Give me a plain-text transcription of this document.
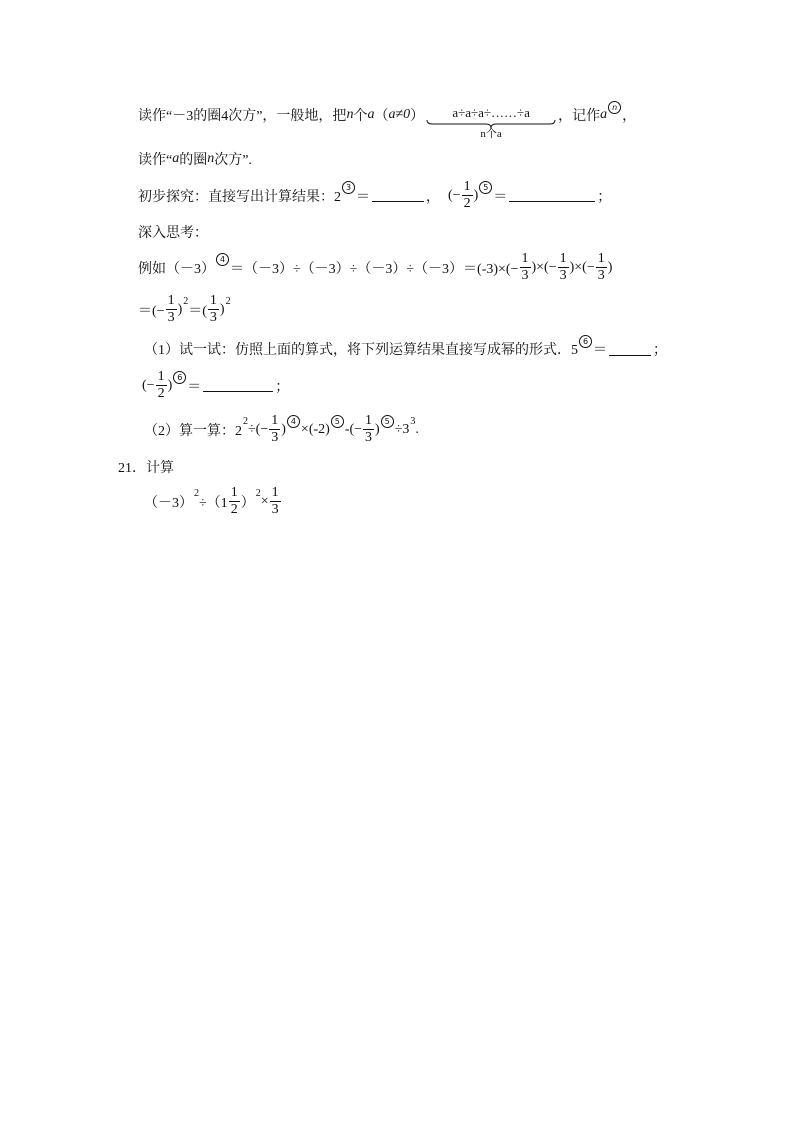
读作“－3的圈4次方”，一般地，把 n 个 a （ a≠0 ） a÷a÷a÷……÷a
n个a
，记作 a n
，
读作“ a 的圈 n 次方”.
初步探究：直接写出计算结果：2
3
＝	， (− $\frac{1}{2}$ ) 5
＝	；
深入思考：
例如（－3）
4
$=(-3)\div(-3)\div(-3)\div(-3)=(-3)\times(- \frac{1}{3}$ )×(− $\frac{1}{3}$ )×(− $\frac{1}{3}$ )
＝(− $\frac{1}{3}$ ) 2
＝( $\frac{1}{3}$ ) 2
（1）试一试：仿照上面的算式，将下列运算结果直接写成幂的形式．5
6
＝	；
(− $\frac{1}{2}$ ) 6
＝	；
（2）算一算：2
2 ÷(− $\frac{1}{3}$ ) 4 ×(-2) 5 -(− $\frac{1}{3}$ ) 5 ÷3 3 .
21．计算
（－3）
2
$\div(1 \frac{1}{2}$ ）
$2 \times \frac{1}{3}$
